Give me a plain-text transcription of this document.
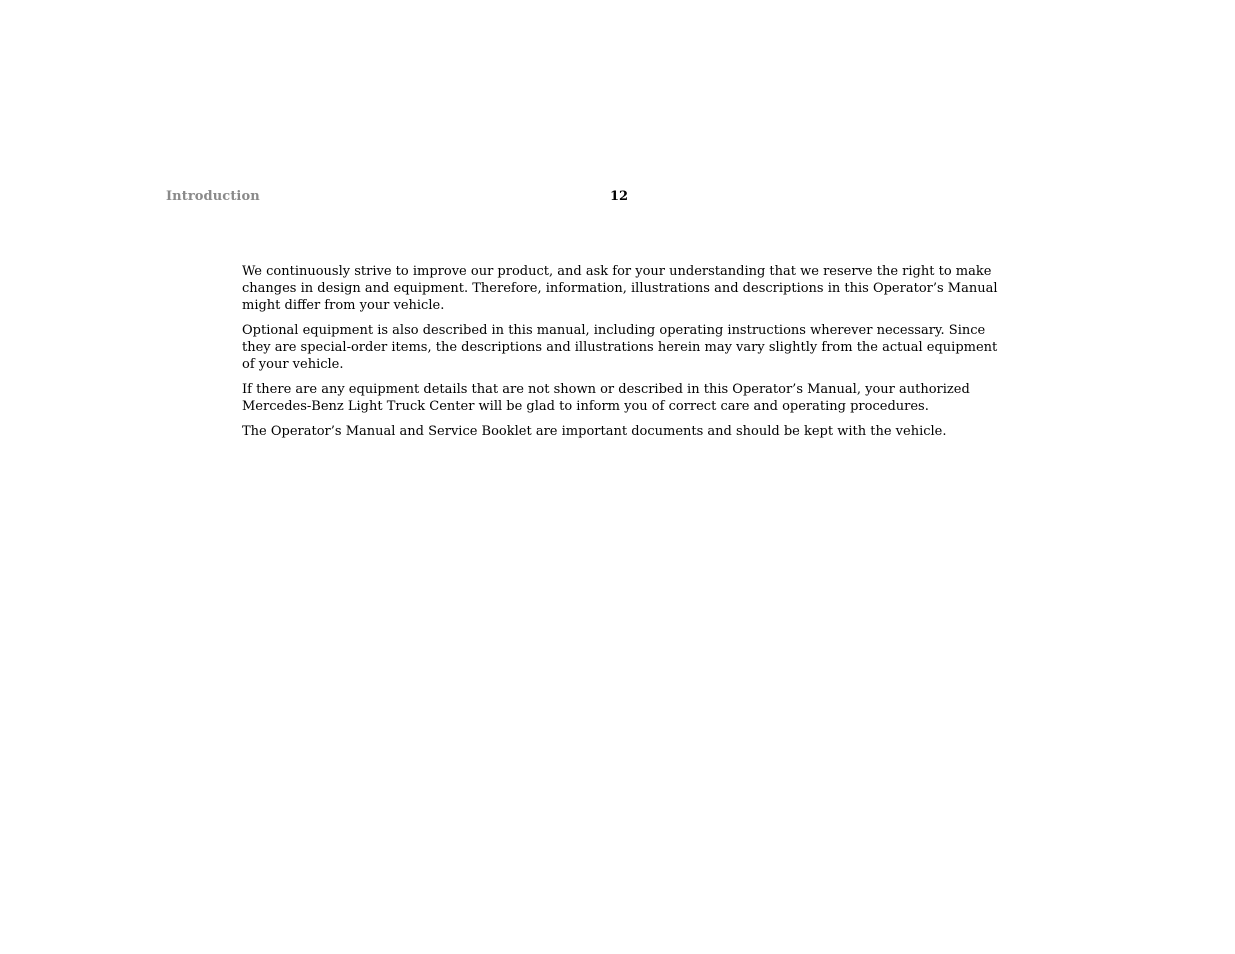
Introduction	12

We continuously strive to improve our product, and ask for your understanding that we reserve the right to make changes in design and equipment. Therefore, information, illustrations and descriptions in this Operator’s Manual might differ from your vehicle.

Optional equipment is also described in this manual, including operating instructions wherever necessary. Since they are special-order items, the descriptions and illustrations herein may vary slightly from the actual equipment of your vehicle.

If there are any equipment details that are not shown or described in this Operator’s Manual, your authorized Mercedes-Benz Light Truck Center will be glad to inform you of correct care and operating procedures.

The Operator’s Manual and Service Booklet are important documents and should be kept with the vehicle.
